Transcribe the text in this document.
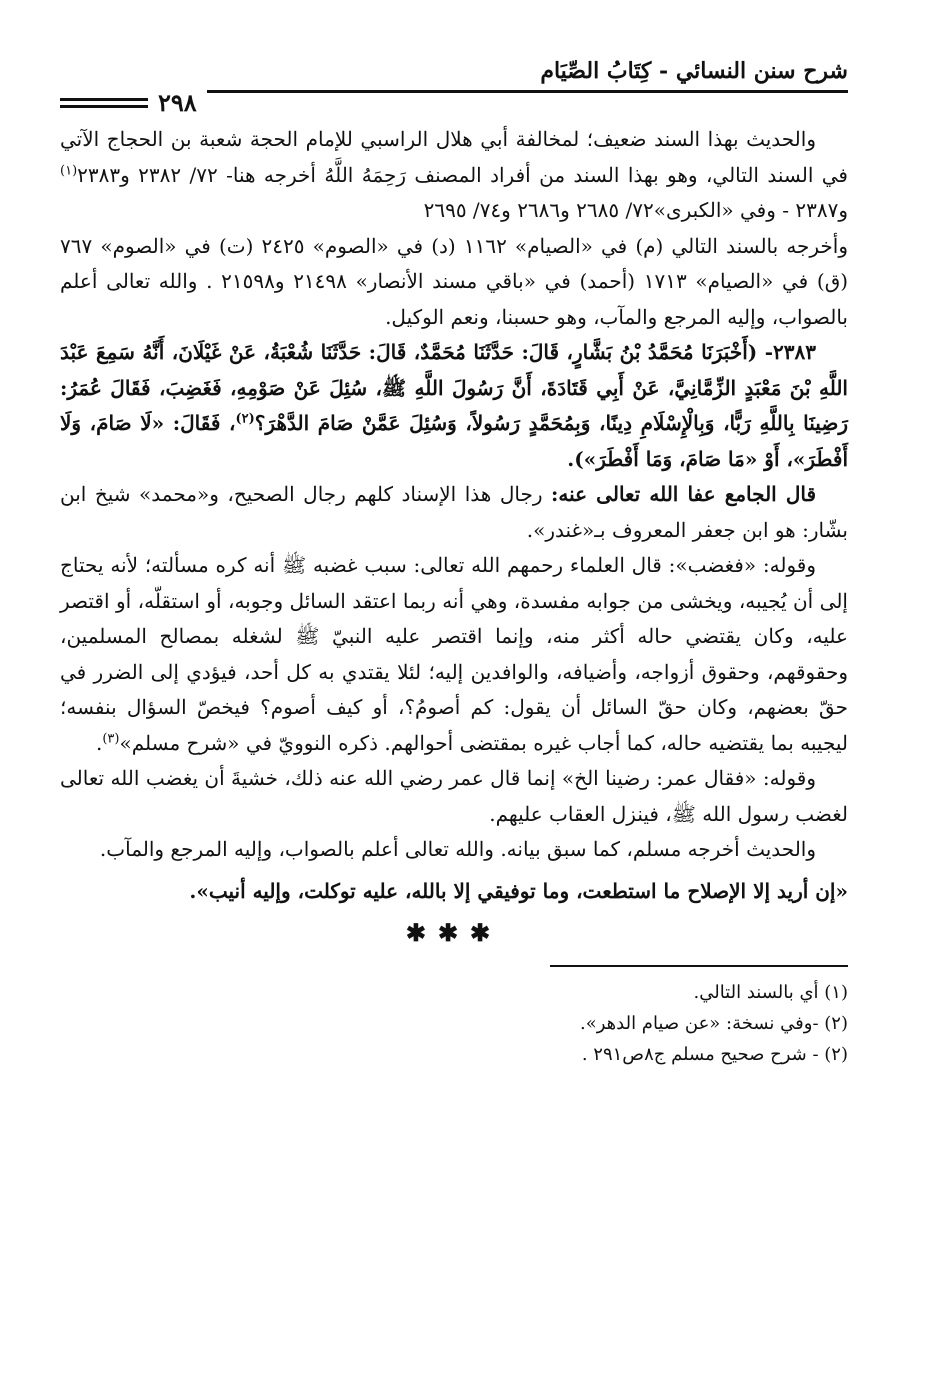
شرح سنن النسائي - كِتَابُ الصِّيَام
٢٩٨

والحديث بهذا السند ضعيف؛ لمخالفة أبي هلال الراسبي للإمام الحجة شعبة بن الحجاج الآتي في السند التالي، وهو بهذا السند من أفراد المصنف رَحِمَهُ اللَّهُ أخرجه هنا- ٧٢/ ٢٣٨٢ و٢٣٨٣$^{(١)}$ و٢٣٨٧ - وفي «الكبرى»٧٢/ ٢٦٨٥ و٢٦٨٦ و٧٤/ ٢٦٩٥

وأخرجه بالسند التالي (م) في «الصيام» ١١٦٢ (د) في «الصوم» ٢٤٢٥ (ت) في «الصوم» ٧٦٧ (ق) في «الصيام» ١٧١٣ (أحمد) في «باقي مسند الأنصار» ٢١٤٩٨ و٢١٥٩٨ . والله تعالى أعلم بالصواب، وإليه المرجع والمآب، وهو حسبنا، ونعم الوكيل.

٢٣٨٣- (أَخْبَرَنَا مُحَمَّدُ بْنُ بَشَّارٍ، قَالَ: حَدَّثَنَا مُحَمَّدٌ، قَالَ: حَدَّثَنَا شُعْبَةُ، عَنْ غَيْلَانَ، أَنَّهُ سَمِعَ عَبْدَ اللَّهِ بْنَ مَعْبَدٍ الزِّمَّانِيَّ، عَنْ أَبِي قَتَادَةَ، أَنَّ رَسُولَ اللَّهِ ﷺ، سُئِلَ عَنْ صَوْمِهِ، فَغَضِبَ، فَقَالَ عُمَرُ: رَضِينَا بِاللَّهِ رَبًّا، وَبِالْإِسْلَامِ دِينًا، وَبِمُحَمَّدٍ رَسُولاً، وَسُئِلَ عَمَّنْ صَامَ الدَّهْرَ؟$^{(٢)}$، فَقَالَ: «لَا صَامَ، وَلَا أَفْطَرَ»، أَوْ «مَا صَامَ، وَمَا أَفْطَرَ»).

قال الجامع عفا الله تعالى عنه: رجال هذا الإسناد كلهم رجال الصحيح، و«محمد» شيخ ابن بشّار: هو ابن جعفر المعروف بـ«غندر».

وقوله: «فغضب»: قال العلماء رحمهم الله تعالى: سبب غضبه ﷺ أنه كره مسألته؛ لأنه يحتاج إلى أن يُجيبه، ويخشى من جوابه مفسدة، وهي أنه ربما اعتقد السائل وجوبه، أو استقلّه، أو اقتصر عليه، وكان يقتضي حاله أكثر منه، وإنما اقتصر عليه النبيّ ﷺ لشغله بمصالح المسلمين، وحقوقهم، وحقوق أزواجه، وأضيافه، والوافدين إليه؛ لئلا يقتدي به كل أحد، فيؤدي إلى الضرر في حقّ بعضهم، وكان حقّ السائل أن يقول: كم أصومُ؟، أو كيف أصوم؟ فيخصّ السؤال بنفسه؛ ليجيبه بما يقتضيه حاله، كما أجاب غيره بمقتضى أحوالهم. ذكره النوويّ في «شرح مسلم»$^{(٣)}$.

وقوله: «فقال عمر: رضينا الخ» إنما قال عمر رضي الله عنه ذلك، خشيةَ أن يغضب الله تعالى لغضب رسول الله ﷺ، فينزل العقاب عليهم.

والحديث أخرجه مسلم، كما سبق بيانه. والله تعالى أعلم بالصواب، وإليه المرجع والمآب.

«إن أريد إلا الإصلاح ما استطعت، وما توفيقي إلا بالله، عليه توكلت، وإليه أنيب».

✱✱✱

(١) أي بالسند التالي.

(٢) -وفي نسخة: «عن صيام الدهر».

(٢) - شرح صحيح مسلم ج٨ص٢٩١ .
